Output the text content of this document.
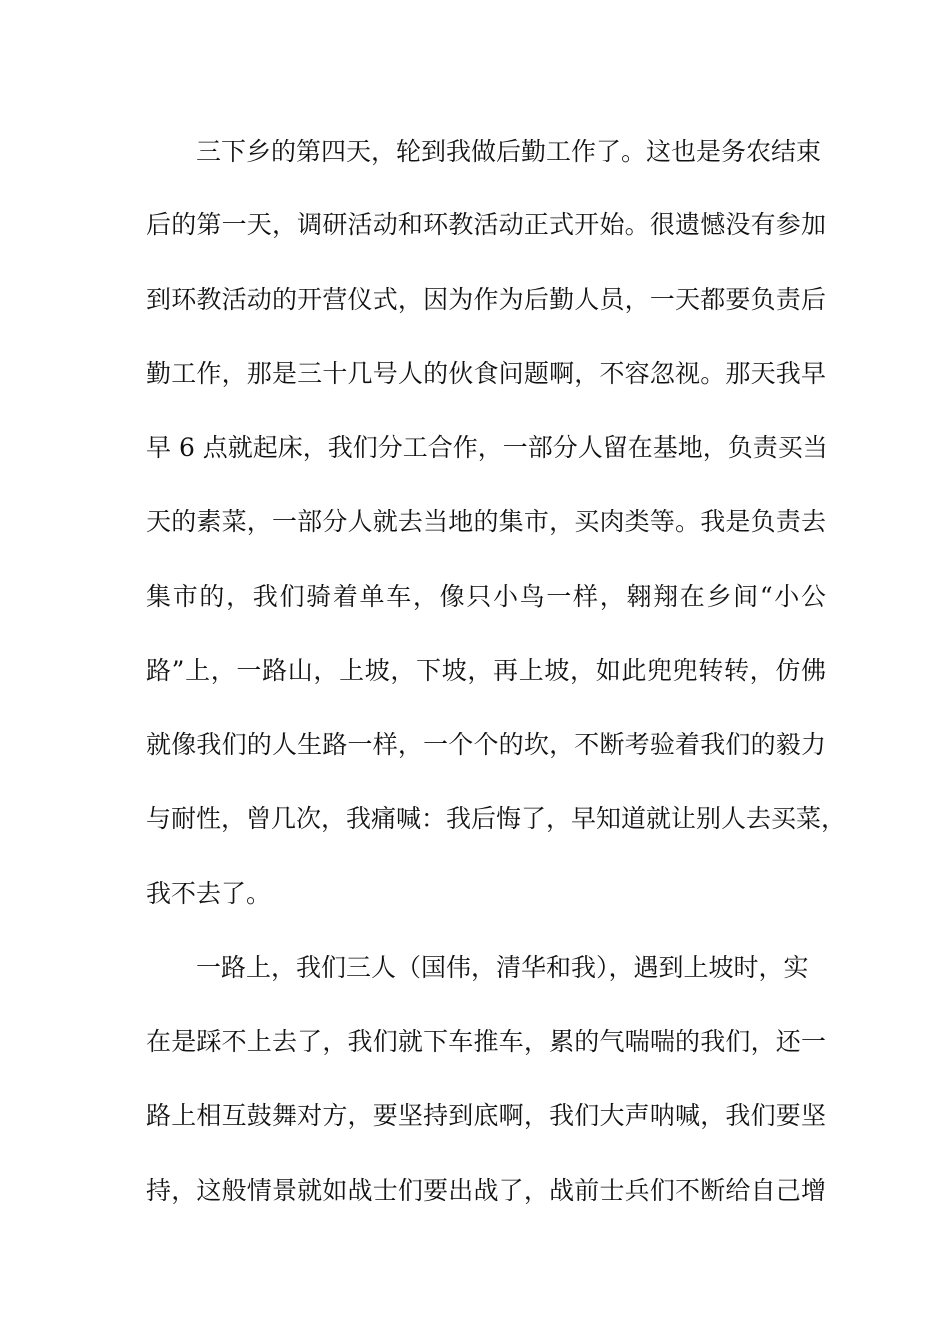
三下乡的第四天，轮到我做后勤工作了。这也是务农结束
后的第一天，调研活动和环教活动正式开始。很遗憾没有参加
到环教活动的开营仪式，因为作为后勤人员，一天都要负责后
勤工作，那是三十几号人的伙食问题啊，不容忽视。那天我早
早 6 点就起床，我们分工合作，一部分人留在基地，负责买当
天的素菜，一部分人就去当地的集市，买肉类等。我是负责去
集市的，我们骑着单车，像只小鸟一样，翱翔在乡间“小公
路”上，一路山，上坡，下坡，再上坡，如此兜兜转转，仿佛
就像我们的人生路一样，一个个的坎，不断考验着我们的毅力
与耐性，曾几次，我痛喊：我后悔了，早知道就让别人去买菜，
我不去了。
一路上，我们三人（国伟，清华和我），遇到上坡时，实
在是踩不上去了，我们就下车推车，累的气喘喘的我们，还一
路上相互鼓舞对方，要坚持到底啊，我们大声呐喊，我们要坚
持，这般情景就如战士们要出战了，战前士兵们不断给自己增
